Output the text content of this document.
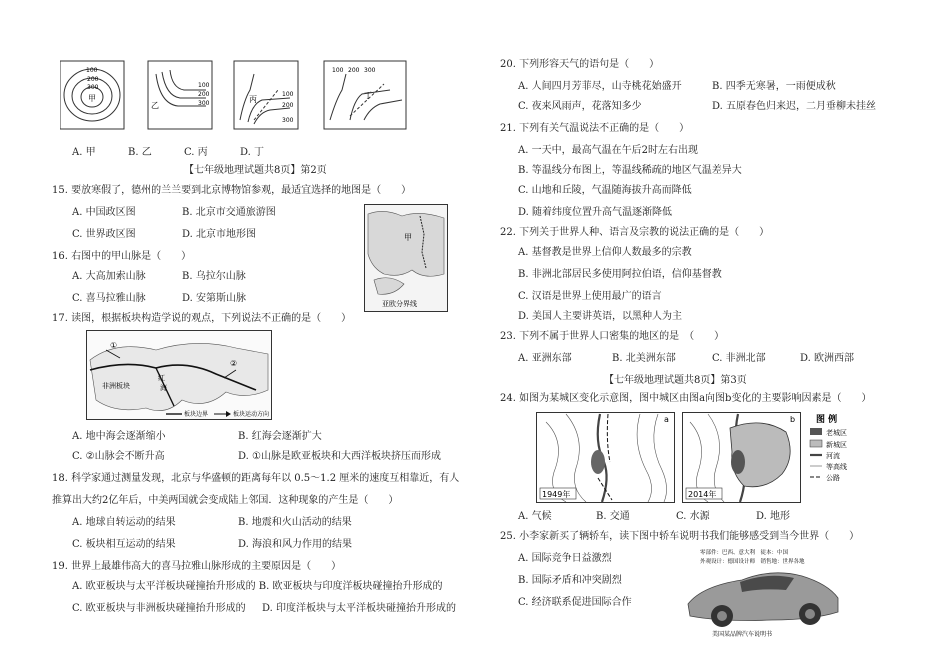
100
200
300
甲
乙
100
200
300	丙
100
200
300
100 200 300
丁
A. 甲	B. 乙	C. 丙	D. 丁
【七年级地理试题共8页】第2页
15. 要放寒假了，德州的兰兰要到北京博物馆参观，最适宜选择的地图是（　　）
A. 中国政区图	B. 北京市交通旅游图
C. 世界政区图	D. 北京市地形图
16. 右图中的甲山脉是（　　）
A. 大高加索山脉	B. 乌拉尔山脉
C. 喜马拉雅山脉	D. 安第斯山脉
甲
亚欧分界线
17. 读图，根据板块构造学说的观点，下列说法不正确的是（　　）
非洲板块
红
海
①
②
板块边界	板块运动方向
A. 地中海会逐渐缩小	B. 红海会逐渐扩大
C. ②山脉会不断升高	D. ①山脉是欧亚板块和大西洋板块挤压而形成
18. 科学家通过测量发现，北京与华盛顿的距离每年以 0.5～1.2 厘米的速度互相靠近，有人
推算出大约2亿年后，中美两国就会变成陆上邻国．这种现象的产生是（　　）
A. 地球自转运动的结果	B. 地震和火山活动的结果
C. 板块相互运动的结果	D. 海浪和风力作用的结果
19. 世界上最雄伟高大的喜马拉雅山脉形成的主要原因是（　　）
A. 欧亚板块与太平洋板块碰撞抬升形成的 B. 欧亚板块与印度洋板块碰撞抬升形成的
C. 欧亚板块与非洲板块碰撞抬升形成的 D. 印度洋板块与太平洋板块碰撞抬升形成的
20. 下列形容天气的语句是（　　）
A. 人间四月芳菲尽，山寺桃花始盛开	B. 四季无寒暑，一雨便成秋
C. 夜来风雨声，花落知多少	D. 五原春色归来迟，二月垂柳未挂丝
21. 下列有关气温说法不正确的是（　　）
A. 一天中，最高气温在午后2时左右出现
B. 等温线分布图上，等温线稀疏的地区气温差异大
C. 山地和丘陵，气温随海拔升高而降低
D. 随着纬度位置升高气温逐渐降低
22. 下列关于世界人种、语言及宗教的说法正确的是（　　）
A. 基督教是世界上信仰人数最多的宗教
B. 非洲北部居民多使用阿拉伯语，信仰基督教
C. 汉语是世界上使用最广的语言
D. 美国人主要讲英语，以黑种人为主
23. 下列不属于世界人口密集的地区的是　（　　）
A. 亚洲东部	B. 北美洲东部	C. 非洲北部	D. 欧洲西部
【七年级地理试题共8页】第3页
24. 如图为某城区变化示意图，图中城区由图a向图b变化的主要影响因素是（　　）
a
1949年
b
2014年
图 例
老城区
新城区
河流
等高线
公路
A. 气候	B. 交通	C. 水源	D. 地形
25. 小李家新买了辆轿车，读下图中轿车说明书我们能够感受到当今世界（　　）
A. 国际竞争日益激烈
B. 国际矛盾和冲突剧烈
C. 经济联系促进国际合作
零部件：巴西、意大利　徒本：中国
外观设计：德国设计师　销售地：世界各地
美国某品牌汽车说明书
